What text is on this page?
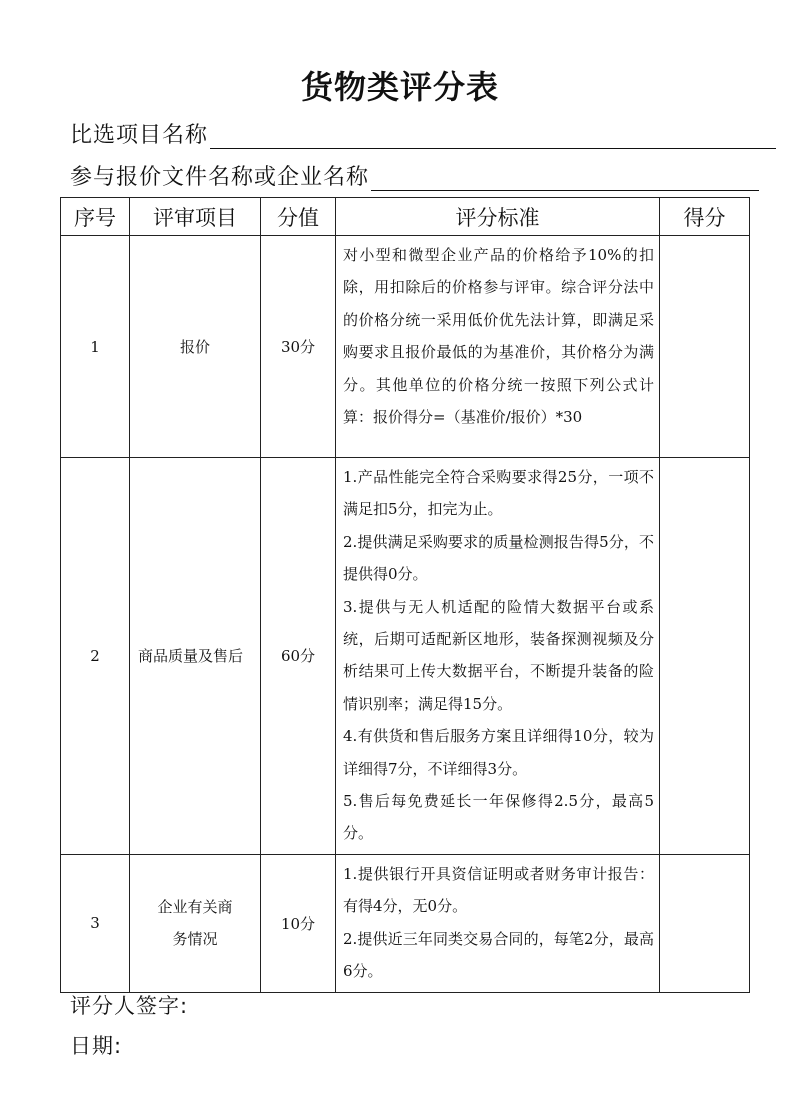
货物类评分表
比选项目名称
参与报价文件名称或企业名称
序号	评审项目	分值	评分标准	得分
1	报价	30分	对小型和微型企业产品的价格给予10%的扣除，用扣除后的价格参与评审。综合评分法中的价格分统一采用低价优先法计算，即满足采购要求且报价最低的为基准价，其价格分为满分。其他单位的价格分统一按照下列公式计算：报价得分=（基准价/报价）*30	

2	商品质量及售后	60分	1.产品性能完全符合采购要求得25分，一项不满足扣5分，扣完为止。

2.提供满足采购要求的质量检测报告得5分，不提供得0分。

3.提供与无人机适配的险情大数据平台或系统，后期可适配新区地形，装备探测视频及分析结果可上传大数据平台，不断提升装备的险情识别率；满足得15分。

4.有供货和售后服务方案且详细得10分，较为详细得7分，不详细得3分。

5.售后每免费延长一年保修得2.5分，最高5分。	

3	企业有关商务情况	10分	1.提供银行开具资信证明或者财务审计报告：有得4分，无0分。

2.提供近三年同类交易合同的，每笔2分，最高6分。	

评分人签字:
日期:
